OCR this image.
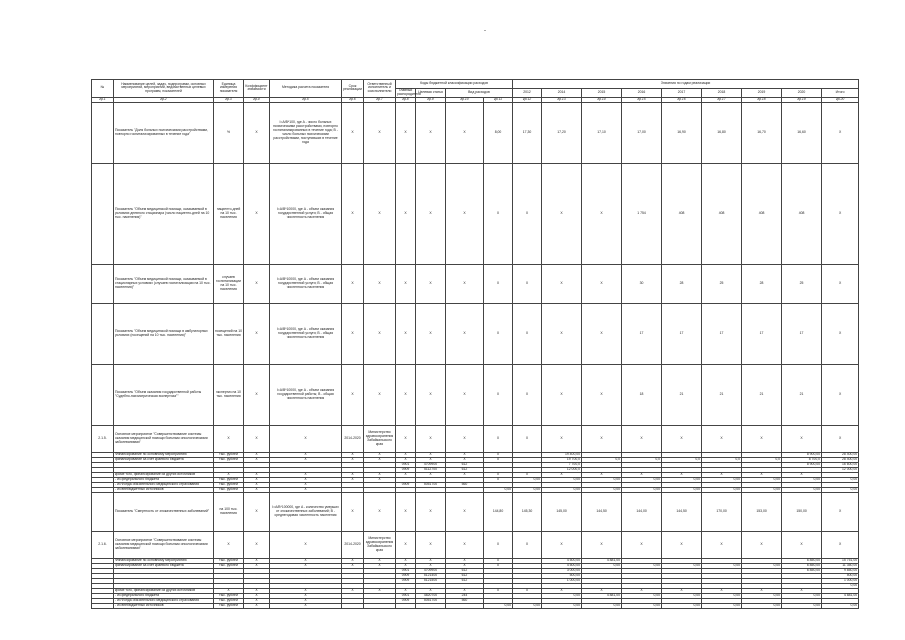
-
№	Наименование целей, задач, подпрограмм, основных мероприятий, мероприятий, ведомственных целевых программ, показателей	Единица измерения показателя	Коэффициент значимости	Методика расчета показателя	Срок реализации	Ответственный исполнитель и соисполнители	Коды бюджетной классификации расходов				Значения по годам реализации								
							Главный распорядитель	Целевая статья	Вид расходов		2012	2014	2015	2016	2017	2018	2019	2020	Итого
гр.1	гр.2	гр.3	гр.4	гр.5	гр.6	гр.7	гр.8	гр.9	гр.10	гр.11	гр.12	гр.13	гр.14	гр.15	гр.16	гр.17	гр.18	гр.19	гр.20
	Показатель "Доля больных психическими расстройствами, повторно госпитализированных в течение года"	%	X	I=A/B*100, где A - число больных психическими расстройствами, повторно госпитализированных в течение года; B - число больных психическими расстройствами, поступивших в течение года	X	X	X	X	X	8,00	17,30	17,20	17,10	17,00	16,90	16,80	16,70	16,60	X
	Показатель "Объем медицинской помощи, оказываемой в условиях дневного стационара (число пациенто-дней на 10 тыс. населения)"	пациенто-дней на 10 тыс. населения	X	I=A/B*10000, где A - объем оказания государственной услуги; B - общая численность населения	X	X	X	X	X	X	X	X	X	1 754	408	408	408	408	X
	Показатель "Объем медицинской помощи, оказываемой в стационарных условиях (случаев госпитализации на 10 тыс. населения)"	случаев госпитализации на 10 тыс. населения	X	I=A/B*10000, где A - объем оказания государственной услуги; B - общая численность населения	X	X	X	X	X	X	X	X	X	30	28	25	28	25	X
	Показатель "Объем медицинской помощи в амбулаторных условиях (посещений на 10 тыс. населения)"	посещений на 10 тыс. населения	X	I=A/B*10000, где A - объем оказания государственной услуги; B - общая численность населения	X	X	X	X	X	X	X	X	X	17	17	17	17	17	X
	Показатель "Объем оказания государственной работы "Судебно-психиатрическая экспертиза""	экспертиз на 10 тыс. населения	X	I=A/B*10000, где A - объем оказания государственной работы; B - общая численность населения	X	X	X	X	X	X	X	X	X	18	21	21	21	21	X
2.1.5.	Основное мероприятие "Совершенствование системы оказания медицинской помощи больным онкологическими заболеваниями"	X	X	X	2014-2020	Министерство здравоохранения Забайкальского края	X	X	X	X	X	X	X	X	X	X	X	X	X
	Финансирование по основному мероприятию	тыс. рублей	X	X	X	X	X	X	X	X		19 400,00						8 900,00	28 400,00
	финансирование за счет краевого бюджета	тыс. рублей	X	X	X	X	X	X	X	X		19 700,0	0,0	0,0	0,0	0,0	0,0	8 700,0	28 400,00
							0901	4709900	612			7 700,0						8 900,00	16 600,00
							0909	5112700	612			12 000,0							12 000,00
	кроме того, финансирование из других источников	X	X	X	X	X	X	X	X	X	X	X	X	X	X	X	X	X	
	- из федерального бюджета	тыс. рублей	X	X	X	X				X	0,00	0,00	0,00	0,00	0,00	0,00	0,00	0,00	0,00
	- из Фонда обязательного медицинского страхования	тыс. рублей	X	X			0909	5051700	560										
	- из внебюджетных источников	тыс. рублей	X	X						0,00	0,00	0,00	0,00	0,00	0,00	0,00	0,00	0,00	0,00
	Показатель "Смертность от злокачественных заболеваний"	на 100 тыс. населения	X	I=A/B*100000, где A - количество умерших от злокачественных заболеваний; B - среднегодовая численность населения	X	X	X	X	X	144,80	145,30	145,00	144,50	144,00	144,50	170,00	153,00	150,00	X
2.1.6.	Основное мероприятие "Совершенствование системы оказания медицинской помощи больным онкологическими заболеваниями"	X	X	X	2014-2020	Министерство здравоохранения Забайкальского края	X	X	X	X	X	X	X	X	X	X	X	X	X
	Финансирование по основному мероприятию	тыс. рублей	X	X	X	X	X	X	X	X		4 500,00	4 881,00					6 850,00	15 751,00
	финансирование за счет краевого бюджета	тыс. рублей	X	X	X	X	X	X	X	X		4 500,00	0,00	0,00	0,00	0,00	0,00	6 850,00	11 350,00
							0901	4709900	612			3 000,00						6 850,00	9 850,00
							0909	5121400	612			500,00							500,00
							0909	5121500	612			1 000,00							1 000,00
																			0,00
	кроме того, финансирование из других источников	X	X	X	X	X	X	X	X	X	X	X	X	X	X	X	X	X	
	- из федерального бюджета	тыс. рублей	X	X			0901	4820700	244			0,00	4 881,00	0,00	0,00	0,00	0,00	0,00	4 881,00
	- из Фонда обязательного медицинского страхования	тыс. рублей	X	X			0909	5051700	560										
	- из внебюджетных источников	тыс. рублей	X	X						0,00	0,00	0,00	0,00	0,00	0,00	0,00	0,00	0,00	0,00
